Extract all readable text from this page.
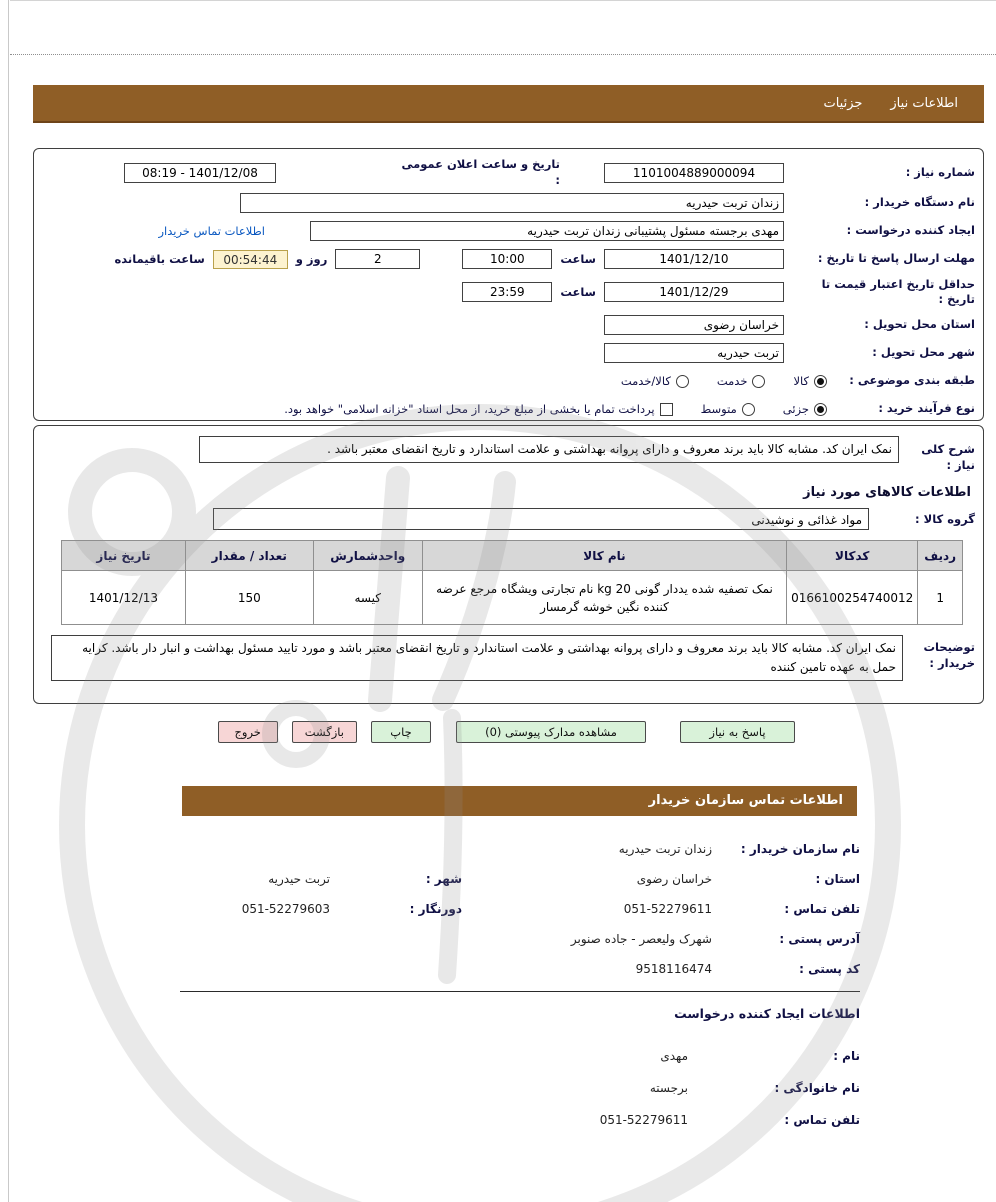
اطلاعات نیاز
جزئیات
شماره نیاز :
1101004889000094
تاریخ و ساعت اعلان عمومی :
08:19 - 1401/12/08
نام دستگاه خریدار :
زندان تربت حیدریه
ایجاد کننده درخواست :
مهدی برجسته مسئول پشتیبانی زندان تربت حیدریه
اطلاعات تماس خریدار
مهلت ارسال پاسخ تا تاریخ :
1401/12/10
ساعت
10:00
2
روز و
00:54:44
ساعت باقیمانده
حداقل تاریخ اعتبار قیمت تا تاریخ :
1401/12/29
ساعت
23:59
استان محل تحویل :
خراسان رضوی
شهر محل تحویل :
تربت حیدریه
طبقه بندی موضوعی :
کالا
خدمت
کالا/خدمت
نوع فرآیند خرید :
جزئی
متوسط
پرداخت تمام یا بخشی از مبلغ خرید، از محل اسناد "خزانه اسلامی" خواهد بود.
شرح کلی نیاز :
نمک ایران کد. مشابه کالا باید برند معروف و دارای پروانه بهداشتی و علامت استاندارد و تاریخ انقضای معتبر باشد .
اطلاعات کالاهای مورد نیاز
گروه کالا :
مواد غذائی و نوشیدنی
ردیف	کدکالا	نام کالا	واحدشمارش	تعداد / مقدار	تاریخ نیاز
1	0166100254740012	نمک تصفیه شده یددار گونی 20 kg نام تجارتی ویشگاه مرجع عرضه کننده نگین خوشه گرمسار	کیسه	150	1401/12/13
توضیحات خریدار :
نمک ایران کد. مشابه کالا باید برند معروف و دارای پروانه بهداشتی و علامت استاندارد و تاریخ انقضای معتبر باشد و مورد تایید مسئول بهداشت و انبار دار باشد. کرایه حمل به عهده تامین کننده
پاسخ به نیاز
مشاهده مدارک پیوستی (0)
چاپ
بازگشت
خروج
اطلاعات تماس سازمان خریدار
نام سازمان خریدار :
زندان تربت حیدریه
استان :
خراسان رضوی
شهر :
تربت حیدریه
تلفن تماس :
051-52279611
دورنگار :
051-52279603
آدرس پستی :
شهرک ولیعصر - جاده صنوبر
کد پستی :
9518116474
اطلاعات ایجاد کننده درخواست
نام :
مهدی
نام خانوادگی :
برجسته
تلفن تماس :
051-52279611
